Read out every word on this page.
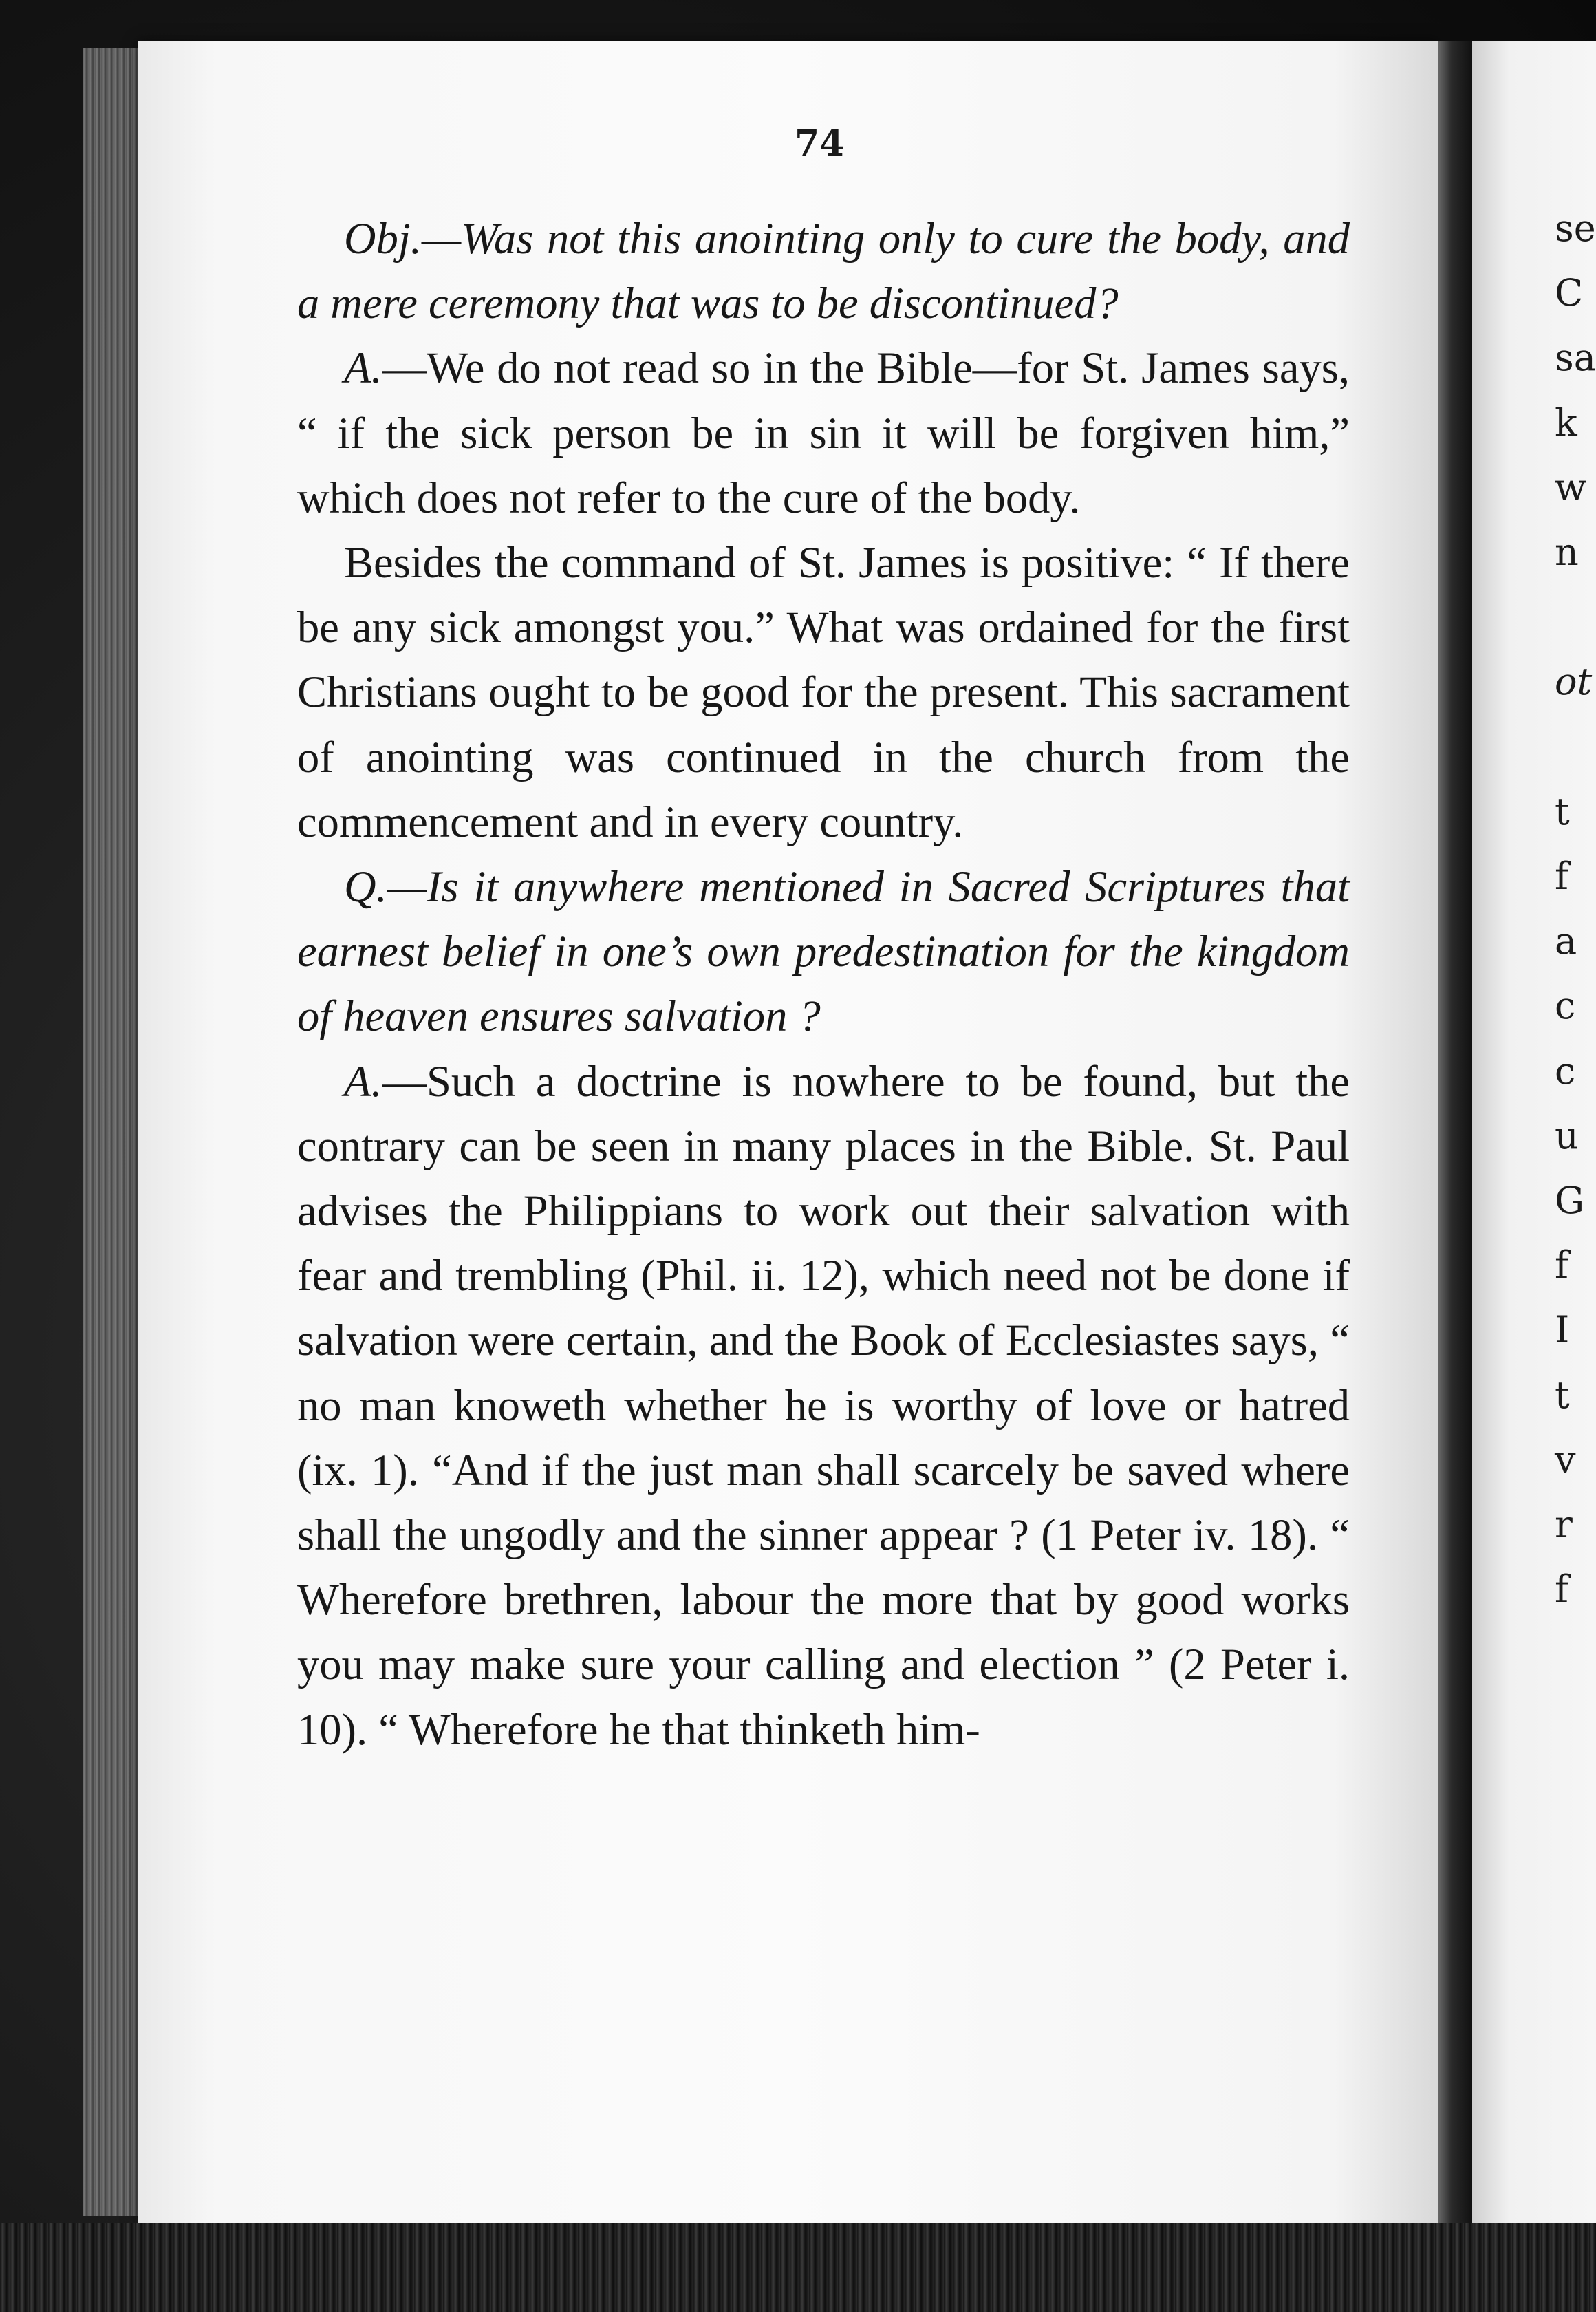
74

Obj.—Was not this anointing only to cure the body, and a mere ceremony that was to be discontinued?

A.—We do not read so in the Bible—for St. James says, “ if the sick person be in sin it will be forgiven him,” which does not refer to the cure of the body.

Besides the command of St. James is positive: “ If there be any sick amongst you.” What was ordained for the first Christians ought to be good for the present. This sacrament of anointing was continued in the church from the commencement and in every country.

Q.—Is it anywhere mentioned in Sacred Scriptures that earnest belief in one’s own predestination for the kingdom of heaven ensures salvation ?

A.—Such a doctrine is nowhere to be found, but the contrary can be seen in many places in the Bible. St. Paul advises the Philippians to work out their salvation with fear and trembling (Phil. ii. 12), which need not be done if salvation were certain, and the Book of Ecclesiastes says, “ no man knoweth whether he is worthy of love or hatred (ix. 1). “And if the just man shall scarcely be saved where shall the ungodly and the sinner appear ? (1 Peter iv. 18). “ Wherefore brethren, labour the more that by good works you may make sure your calling and election ” (2 Peter i. 10). “ Wherefore he that thinketh him-

se
C
sa
k
w
n
ot
t
f
a
c
c
u
G
f
I
t
v
r
f
